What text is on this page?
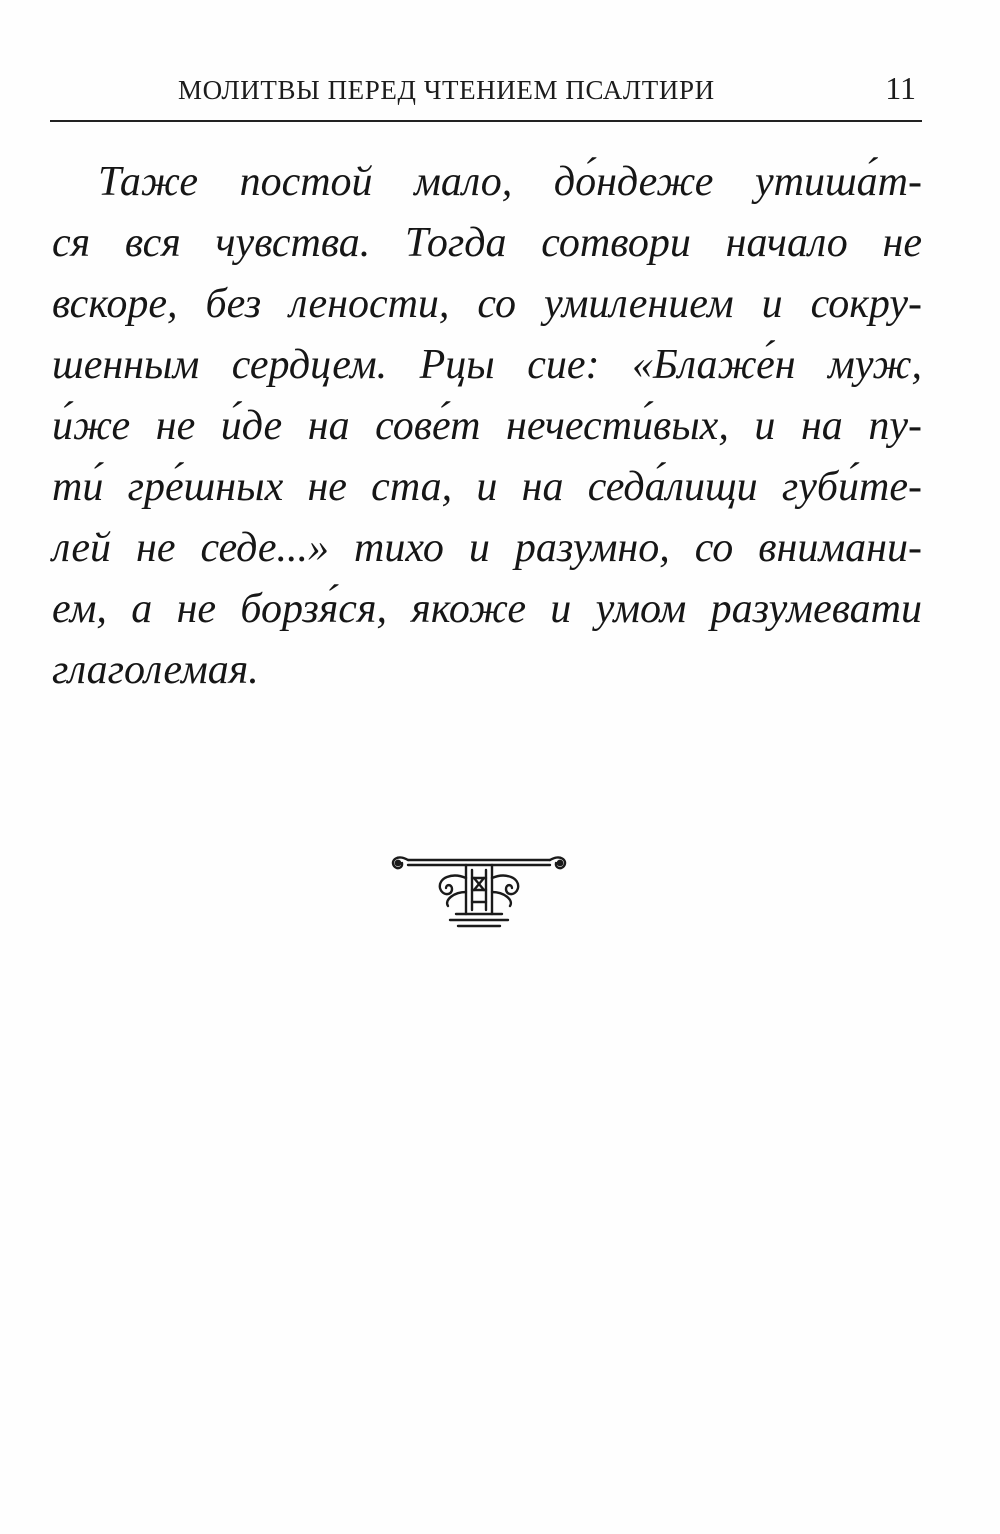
МОЛИТВЫ ПЕРЕД ЧТЕНИЕМ ПСАЛТИРИ	11
Таже постой мало, до́ндеже утиша́т-
ся вся чувства. Тогда сотвори начало не
вскоре, без лености, со умилением и сокру-
шенным сердцем. Рцы сие: «Блаже́н муж,
и́же не и́де на сове́т нечести́вых, и на пу-
ти́ гре́шных не ста, и на седа́лищи губи́те-
лей не седе...» тихо и разумно, со внимани-
ем, а не борзя́ся, якоже и умом разумевати
глаголемая.
